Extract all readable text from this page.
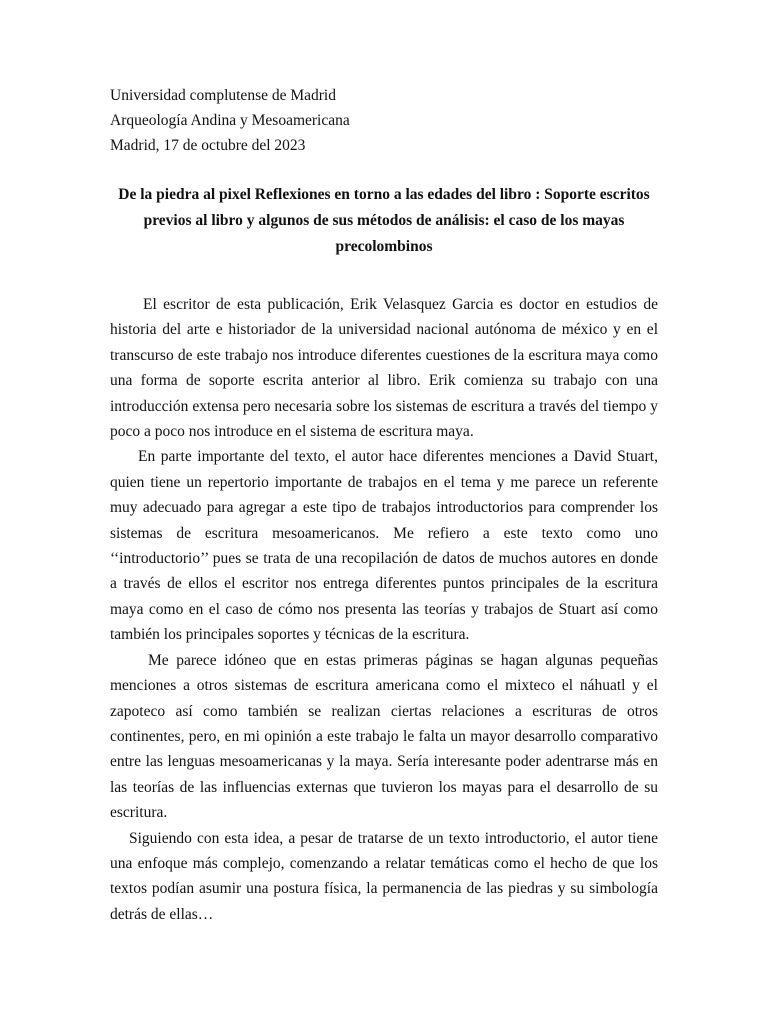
Universidad complutense de Madrid
Arqueología Andina y Mesoamericana
Madrid, 17 de octubre del 2023
De la piedra al pixel Reflexiones en torno a las edades del libro : Soporte escritos previos al libro y algunos de sus métodos de análisis: el caso de los mayas precolombinos

El escritor de esta publicación, Erik Velasquez Garcia es doctor en estudios de historia del arte e historiador de la universidad nacional autónoma de méxico y en el transcurso de este trabajo nos introduce diferentes cuestiones de la escritura maya como una forma de soporte escrita anterior al libro. Erik comienza su trabajo con una introducción extensa pero necesaria sobre los sistemas de escritura a través del tiempo y poco a poco nos introduce en el sistema de escritura maya.

En parte importante del texto, el autor hace diferentes menciones a David Stuart, quien tiene un repertorio importante de trabajos en el tema y me parece un referente muy adecuado para agregar a este tipo de trabajos introductorios para comprender los sistemas de escritura mesoamericanos. Me refiero a este texto como uno ‘‘introductorio’’ pues se trata de una recopilación de datos de muchos autores en donde a través de ellos el escritor nos entrega diferentes puntos principales de la escritura maya como en el caso de cómo nos presenta las teorías y trabajos de Stuart así como también los principales soportes y técnicas de la escritura.

Me parece idóneo que en estas primeras páginas se hagan algunas pequeñas menciones a otros sistemas de escritura americana como el mixteco el náhuatl y el zapoteco así como también se realizan ciertas relaciones a escrituras de otros continentes, pero, en mi opinión a este trabajo le falta un mayor desarrollo comparativo entre las lenguas mesoamericanas y la maya. Sería interesante poder adentrarse más en las teorías de las influencias externas que tuvieron los mayas para el desarrollo de su escritura.

Siguiendo con esta idea, a pesar de tratarse de un texto introductorio, el autor tiene una enfoque más complejo, comenzando a relatar temáticas como el hecho de que los textos podían asumir una postura física, la permanencia de las piedras y su simbología detrás de ellas…
